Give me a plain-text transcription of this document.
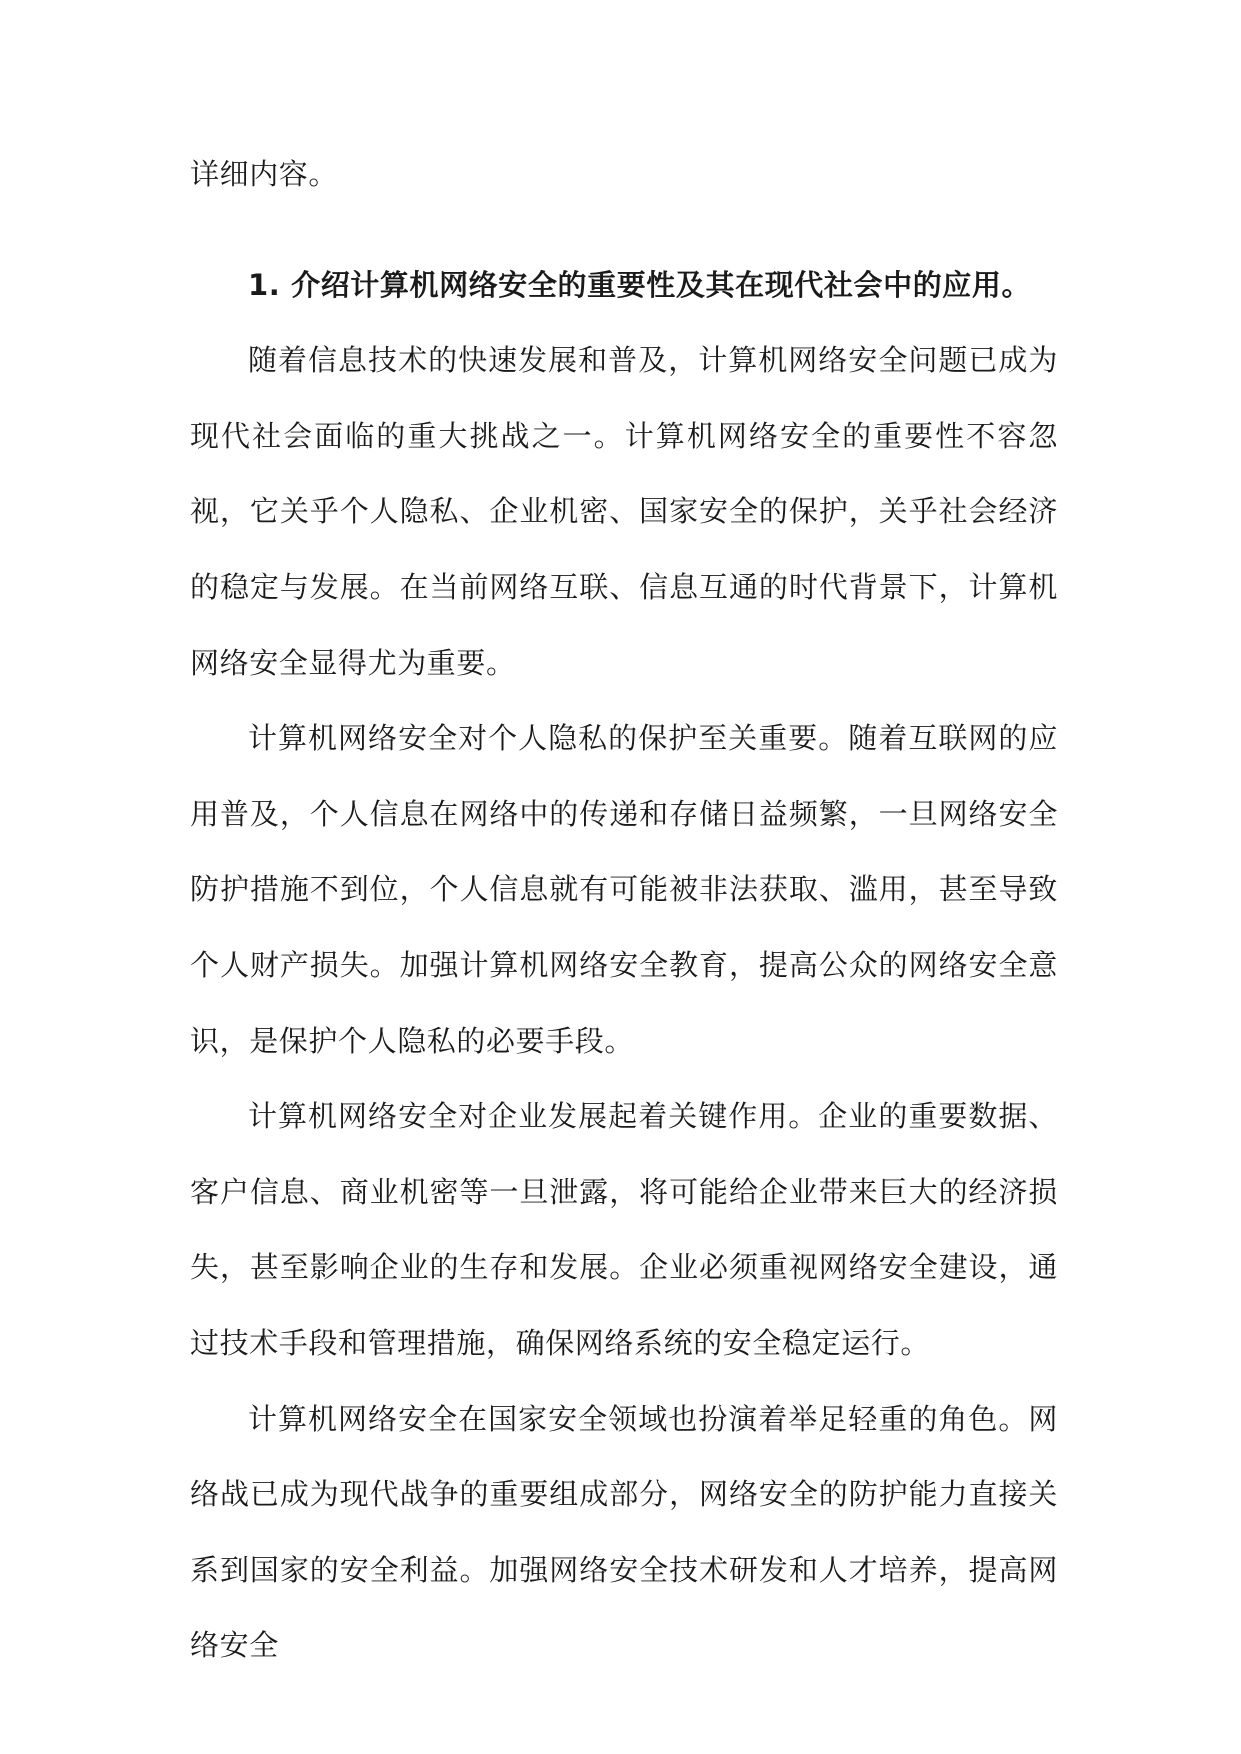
详细内容。

1. 介绍计算机网络安全的重要性及其在现代社会中的应用。

随着信息技术的快速发展和普及，计算机网络安全问题已成为现代社会面临的重大挑战之一。计算机网络安全的重要性不容忽视，它关乎个人隐私、企业机密、国家安全的保护，关乎社会经济的稳定与发展。在当前网络互联、信息互通的时代背景下，计算机网络安全显得尤为重要。

计算机网络安全对个人隐私的保护至关重要。随着互联网的应用普及，个人信息在网络中的传递和存储日益频繁，一旦网络安全防护措施不到位，个人信息就有可能被非法获取、滥用，甚至导致个人财产损失。加强计算机网络安全教育，提高公众的网络安全意识，是保护个人隐私的必要手段。

计算机网络安全对企业发展起着关键作用。企业的重要数据、客户信息、商业机密等一旦泄露，将可能给企业带来巨大的经济损失，甚至影响企业的生存和发展。企业必须重视网络安全建设，通过技术手段和管理措施，确保网络系统的安全稳定运行。

计算机网络安全在国家安全领域也扮演着举足轻重的角色。网络战已成为现代战争的重要组成部分，网络安全的防护能力直接关系到国家的安全利益。加强网络安全技术研发和人才培养，提高网络安全
